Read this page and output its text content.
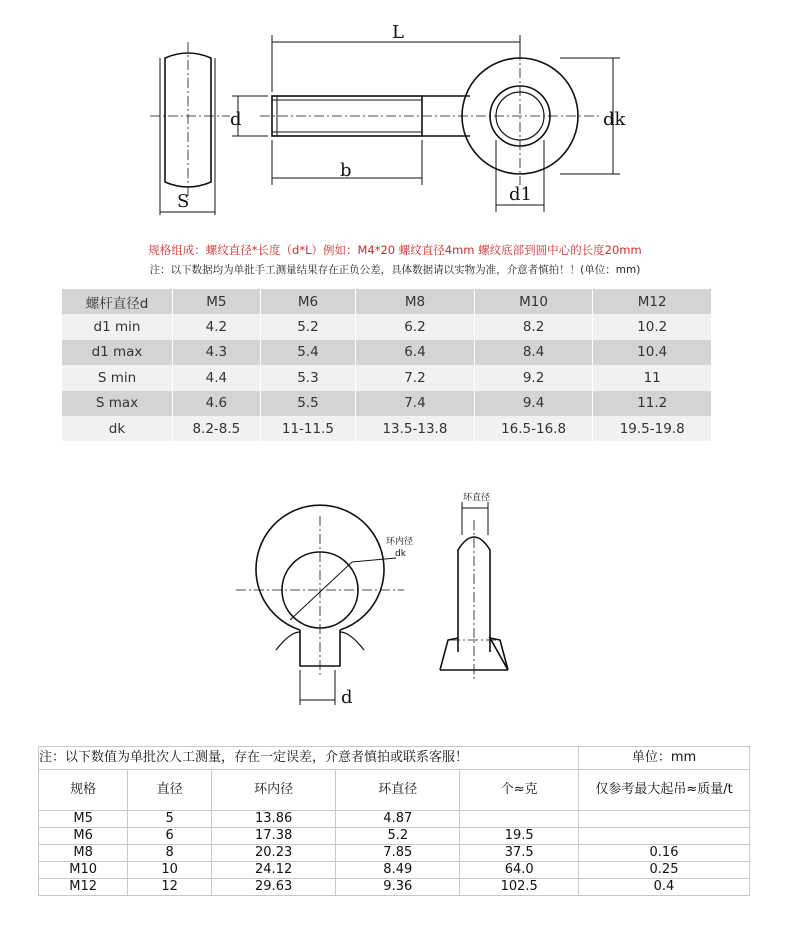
L
d	dk
b
S	d1
规格组成：螺纹直径*长度（d*L）例如：M4*20 螺纹直径4mm 螺纹底部到圆中心的长度20mm
注：以下数据均为单批手工测量结果存在正负公差，具体数据请以实物为准，介意者慎拍！！(单位：mm)
螺杆直径d	M5	M6	M8	M10	M12
d1 min	4.2	5.2	6.2	8.2	10.2
d1 max	4.3	5.4	6.4	8.4	10.4
S min	4.4	5.3	7.2	9.2	11
S max	4.6	5.5	7.4	9.4	11.2
dk	8.2-8.5	11-11.5	13.5-13.8	16.5-16.8	19.5-19.8
环内径
dk
环直径
d
注：以下数值为单批次人工测量，存在一定误差，介意者慎拍或联系客服！					单位：mm
规格	直径	环内径	环直径	个≈克	仅参考最大起吊≈质量/t
M5	5	13.86	4.87		
M6	6	17.38	5.2	19.5	
M8	8	20.23	7.85	37.5	0.16
M10	10	24.12	8.49	64.0	0.25
M12	12	29.63	9.36	102.5	0.4
